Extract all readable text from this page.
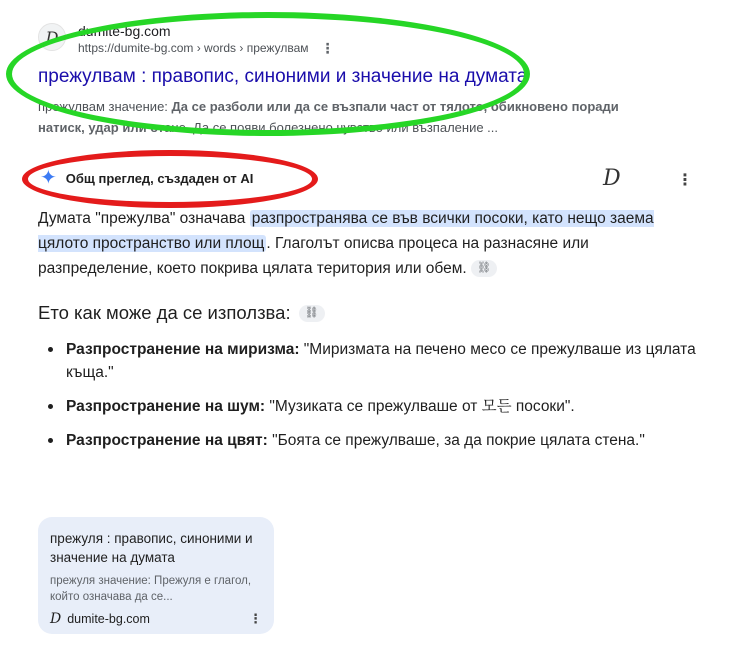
D	dumite-bg.com
https://dumite-bg.com › words › прежулвам ⋮
прежулвам : правопис, синоними и значение на думата
прежулвам значение: Да се разболи или да се възпали част от тялото, обикновено поради натиск, удар или отане. Да се появи болезнено чувство или възпаление ...
✦ Общ преглед, създаден от AI	D	⋮
Думата "прежулва" означава разпространява се във всички посоки, като нещо заема цялото пространство или площ . Глаголът описва процеса на разнасяне или разпределение, което покрива цялата територия или обем. ⛓
Ето как може да се използва:	⛓
Разпространение на миризма: "Миризмата на печено месо се прежулваше из цялата къща."
Разпространение на шум: "Музиката се прежулваше от 모든 посоки".
Разпространение на цвят: "Боята се прежулваше, за да покрие цялата стена."
прежуля : правопис, синоними и значение на думата
прежуля значение: Прежуля е глагол, който означава да се...
D dumite-bg.com	⋮
